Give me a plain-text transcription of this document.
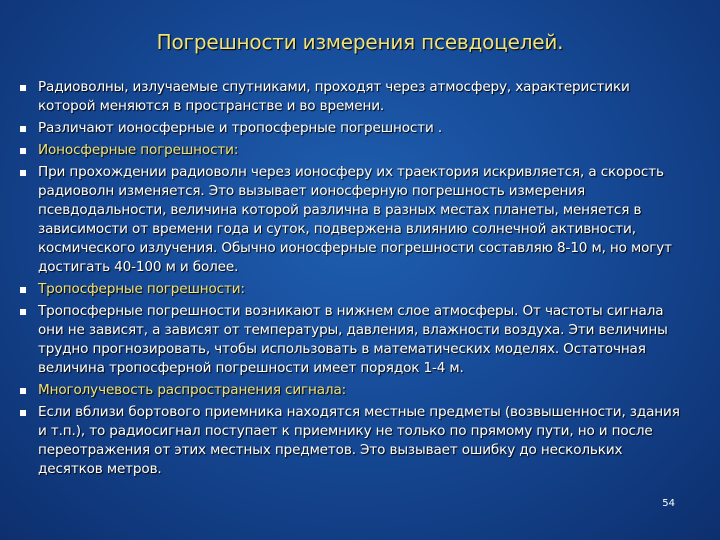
Погрешности измерения псевдоцелей.
Радиоволны, излучаемые спутниками, проходят через атмосферу, характеристики которой меняются в пространстве и во времени.
Различают ионосферные и тропосферные погрешности .
Ионосферные погрешности:
При прохождении радиоволн через ионосферу их траектория искривляется, а скорость радиоволн изменяется. Это вызывает ионосферную погрешность измерения псевдодальности, величина которой различна в разных местах планеты, меняется в зависимости от времени года и суток, подвержена влиянию солнечной активности, космического излучения. Обычно ионосферные погрешности составляю 8-10 м, но могут достигать 40-100 м и более.
Тропосферные погрешности:
Тропосферные погрешности возникают в нижнем слое атмосферы. От частоты сигнала они не зависят, а зависят от температуры, давления, влажности воздуха. Эти величины трудно прогнозировать, чтобы использовать в математических моделях. Остаточная величина тропосферной погрешности имеет порядок 1-4 м.
Многолучевость распространения сигнала:
Если вблизи бортового приемника находятся местные предметы (возвышенности, здания и т.п.), то радиосигнал поступает к приемнику не только по прямому пути, но и после переотражения от этих местных предметов. Это вызывает ошибку до нескольких десятков метров.
54
